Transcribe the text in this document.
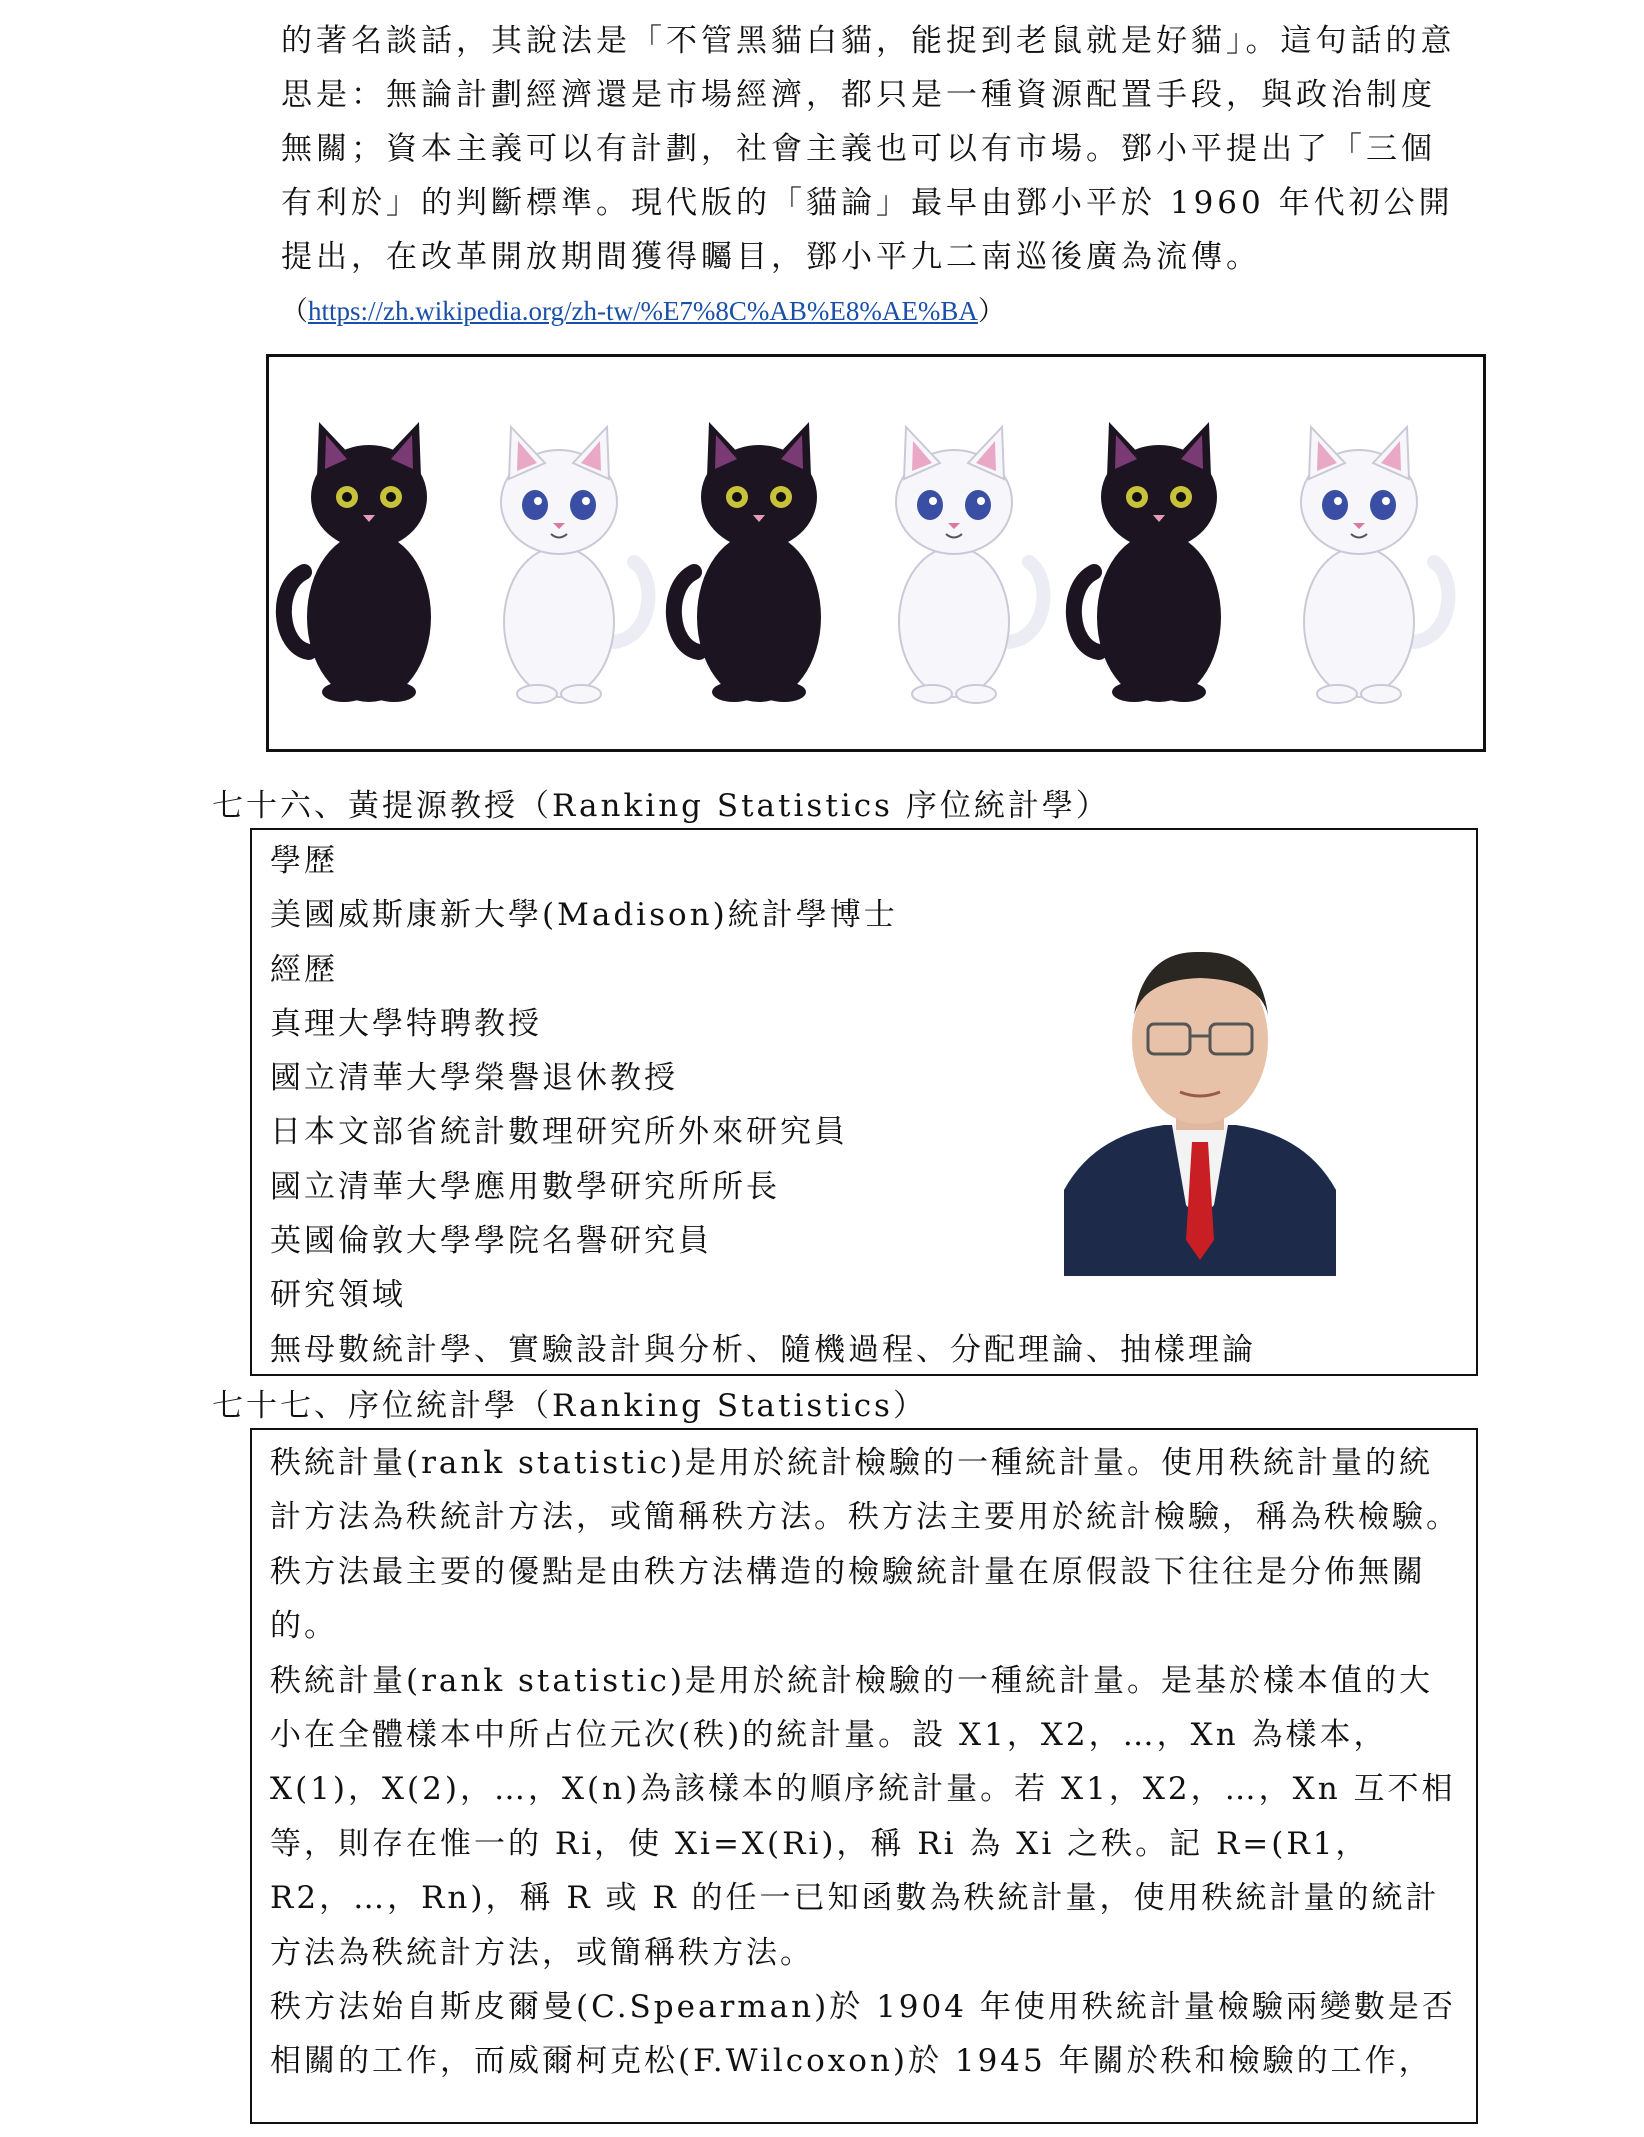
的著名談話，其說法是「不管黑貓白貓，能捉到老鼠就是好貓」。這句話的意思是：無論計劃經濟還是市場經濟，都只是一種資源配置手段，與政治制度無關；資本主義可以有計劃，社會主義也可以有市場。鄧小平提出了「三個有利於」的判斷標準。現代版的「貓論」最早由鄧小平於 1960 年代初公開提出，在改革開放期間獲得矚目，鄧小平九二南巡後廣為流傳。

（https://zh.wikipedia.org/zh-tw/%E7%8C%AB%E8%AE%BA）
七十六、黃提源教授（Ranking Statistics 序位統計學）
學歷
美國威斯康新大學(Madison)統計學博士
經歷
真理大學特聘教授
國立清華大學榮譽退休教授
日本文部省統計數理研究所外來研究員
國立清華大學應用數學研究所所長
英國倫敦大學學院名譽研究員
研究領域
無母數統計學、實驗設計與分析、隨機過程、分配理論、抽樣理論
七十七、序位統計學（Ranking Statistics）

秩統計量(rank statistic)是用於統計檢驗的一種統計量。使用秩統計量的統計方法為秩統計方法，或簡稱秩方法。秩方法主要用於統計檢驗，稱為秩檢驗。秩方法最主要的優點是由秩方法構造的檢驗統計量在原假設下往往是分佈無關的。

秩統計量(rank statistic)是用於統計檢驗的一種統計量。是基於樣本值的大小在全體樣本中所占位元次(秩)的統計量。設 X1，X2，…，Xn 為樣本，X(1)，X(2)，…，X(n)為該樣本的順序統計量。若 X1，X2，…，Xn 互不相等，則存在惟一的 Ri，使 Xi=X(Ri)，稱 Ri 為 Xi 之秩。記 R=(R1，R2，…，Rn)，稱 R 或 R 的任一已知函數為秩統計量，使用秩統計量的統計方法為秩統計方法，或簡稱秩方法。

秩方法始自斯皮爾曼(C.Spearman)於 1904 年使用秩統計量檢驗兩變數是否相關的工作，而威爾柯克松(F.Wilcoxon)於 1945 年關於秩和檢驗的工作，
